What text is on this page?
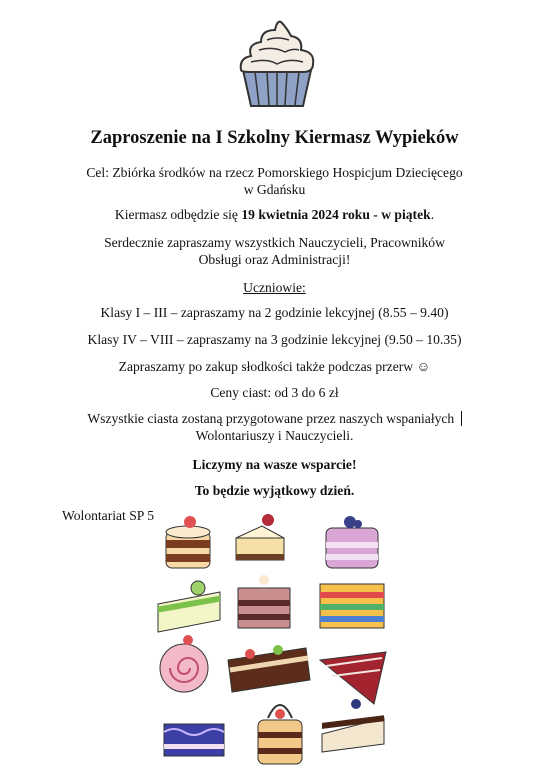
Zaproszenie na I Szkolny Kiermasz Wypieków
Cel: Zbiórka środków na rzecz Pomorskiego Hospicjum Dziecięcego
w Gdańsku
Kiermasz odbędzie się 19 kwietnia 2024 roku - w piątek.
Serdecznie zapraszamy wszystkich Nauczycieli, Pracowników
Obsługi oraz Administracji!
Uczniowie:
Klasy I – III – zapraszamy na 2 godzinie lekcyjnej (8.55 – 9.40)
Klasy IV – VIII – zapraszamy na 3 godzinie lekcyjnej (9.50 – 10.35)
Zapraszamy po zakup słodkości także podczas przerw ☺
Ceny ciast: od 3 do 6 zł
Wszystkie ciasta zostaną przygotowane przez naszych wspaniałych
Wolontariuszy i Nauczycieli.
Liczymy na wasze wsparcie!
To będzie wyjątkowy dzień.
Wolontariat SP 5
